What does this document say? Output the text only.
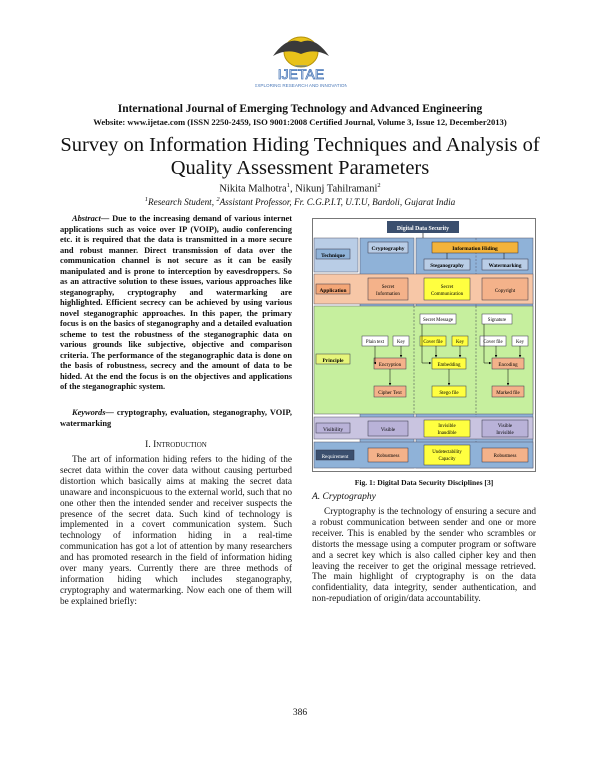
IJETAE
EXPLORING RESEARCH AND INNOVATION
International Journal of Emerging Technology and Advanced Engineering
Website: www.ijetae.com (ISSN 2250-2459, ISO 9001:2008 Certified Journal, Volume 3, Issue 12, December2013)
Survey on Information Hiding Techniques and Analysis of
Quality Assessment Parameters
Nikita Malhotra$^1$, Nikunj Tahilramani$^2$
$^1$Research Student, $^2$Assistant Professor, Fr. C.G.P.I.T, U.T.U, Bardoli, Gujarat India
Abstract— Due to the increasing demand of various internet applications such as voice over IP (VOIP), audio conferencing etc. it is required that the data is transmitted in a more secure and robust manner. Direct transmission of data over the communication channel is not secure as it can be easily manipulated and is prone to interception by eavesdroppers. So as an attractive solution to these issues, various approaches like steganography, cryptography and watermarking are highlighted. Efficient secrecy can be achieved by using various novel steganographic approaches. In this paper, the primary focus is on the basics of steganography and a detailed evaluation scheme to test the robustness of the steganographic data on various grounds like subjective, objective and comparison criteria. The performance of the steganographic data is done on the basis of robustness, secrecy and the amount of data to be hided. At the end the focus is on the objectives and applications of the steganographic system.
Keywords— cryptography, evaluation, steganography, VOIP, watermarking
I. Introduction

The art of information hiding refers to the hiding of the secret data within the cover data without causing perturbed distortion which basically aims at making the secret data unaware and inconspicuous to the external world, such that no one other then the intended sender and receiver suspects the presence of the secret data. Such kind of technology is implemented in a covert communication system. Such technology of information hiding in a real-time communication has got a lot of attention by many researchers and has promoted research in the field of information hiding over many years. Currently there are three methods of information hiding which includes steganography, cryptography and watermarking. Now each one of them will be explained briefly:

Digital Data Security
Technique
Cryptography	Information Hiding
Steganography	Watermarking
Application
Secret Information
Secret Communication
Copyright
Principle
Plain text	Key
Encryption
Cipher Text
Secret Message
Cover file	Key
Embedding
Stego file
Signature
Cover file	Key
Encoding
Marked file
Visibility	Visible
Invisible Inaudible
Visible Invisible
Requirement	Robustness
Undetectability Capacity
Robustness
Fig. 1: Digital Data Security Disciplines [3]
A. Cryptography

Cryptography is the technology of ensuring a secure and a robust communication between sender and one or more receiver. This is enabled by the sender who scrambles or distorts the message using a computer program or software and a secret key which is also called cipher key and then leaving the receiver to get the original message retrieved. The main highlight of cryptography is on the data confidentiality, data integrity, sender authentication, and non-repudiation of origin/data accountability.

386
